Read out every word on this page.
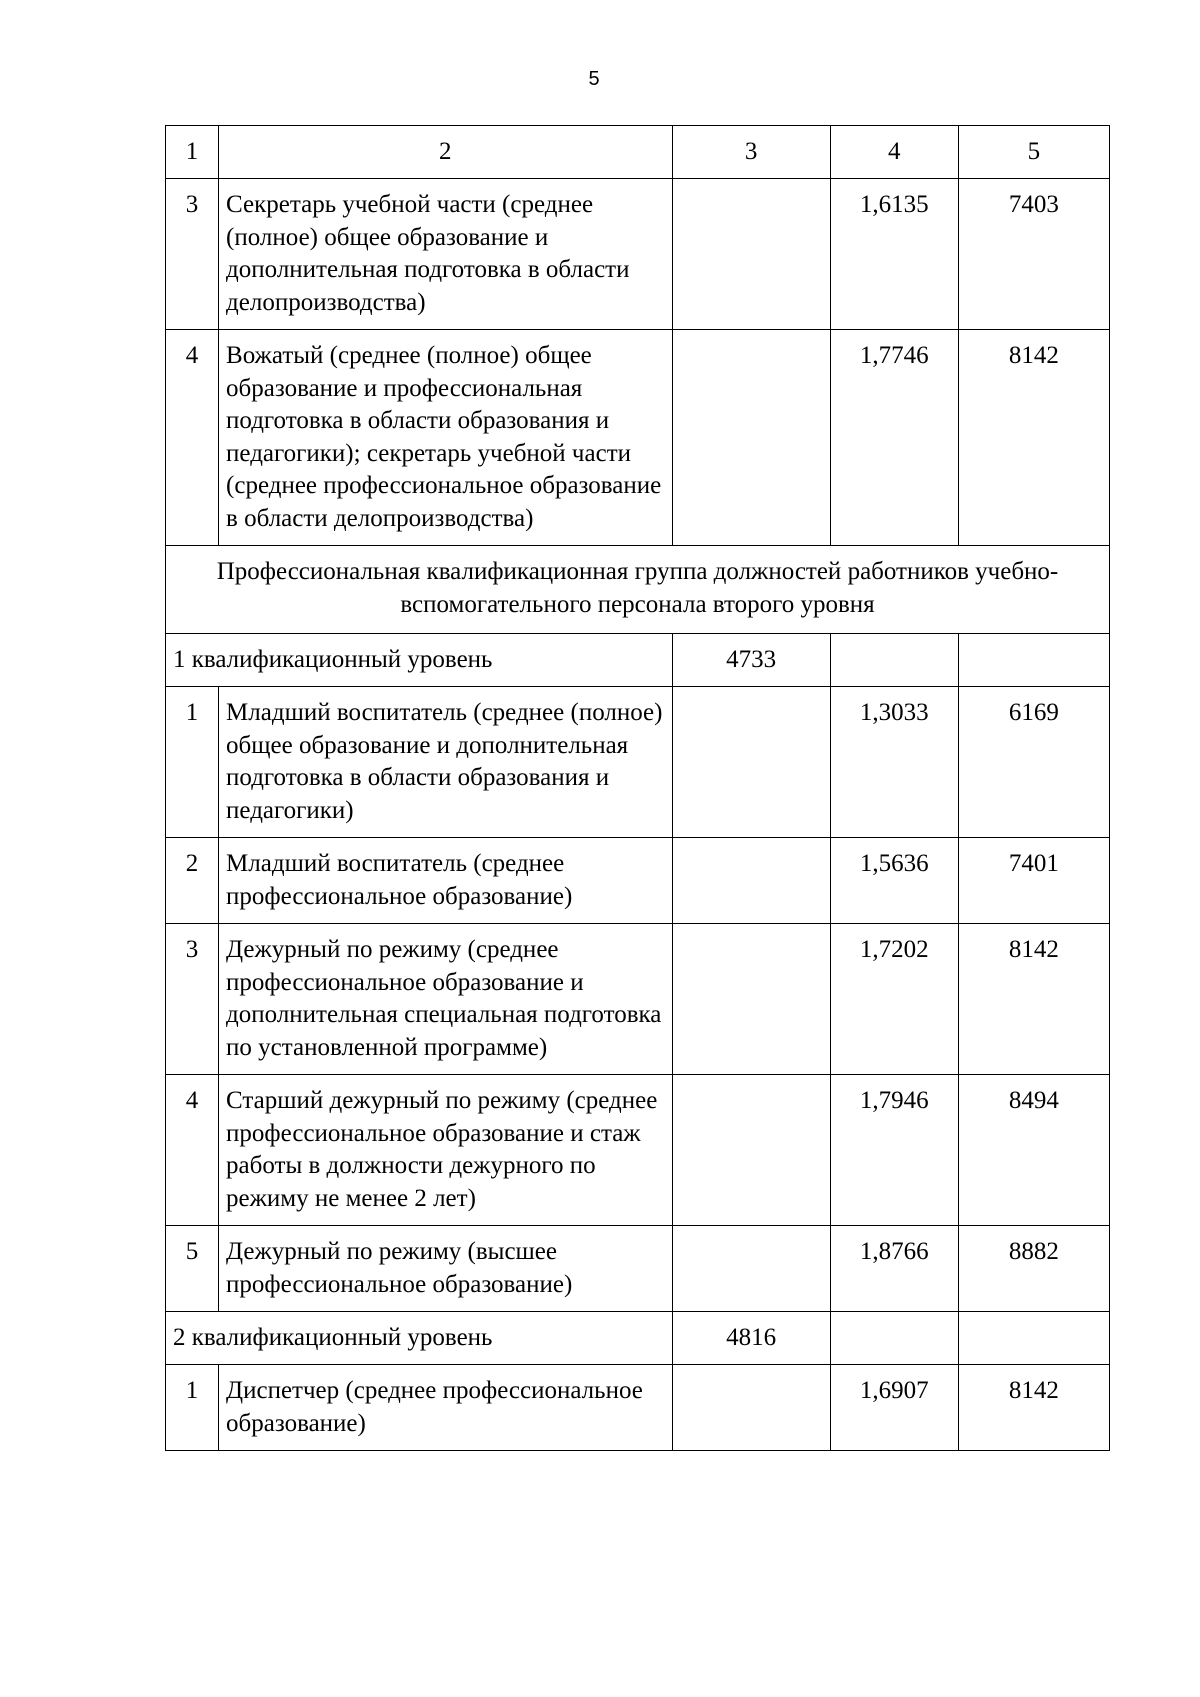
5
1	2	3	4	5
3	Секретарь учебной части (среднее (полное) общее образование и дополнительная подготовка в области делопроизводства)		1,6135	7403
4	Вожатый (среднее (полное) общее образование и профессиональная подготовка в области образования и педагогики); секретарь учебной части (среднее профессиональное образование в области делопроизводства)		1,7746	8142
Профессиональная квалификационная группа должностей работников учебно-вспомогательного персонала второго уровня				
1 квалификационный уровень		4733		
1	Младший воспитатель (среднее (полное) общее образование и дополнительная подготовка в области образования и педагогики)		1,3033	6169
2	Младший воспитатель (среднее профессиональное образование)		1,5636	7401
3	Дежурный по режиму (среднее профессиональное образование и дополнительная специальная подготовка по установленной программе)		1,7202	8142
4	Старший дежурный по режиму (среднее профессиональное образование и стаж работы в должности дежурного по режиму не менее 2 лет)		1,7946	8494
5	Дежурный по режиму (высшее профессиональное образование)		1,8766	8882
2 квалификационный уровень		4816		
1	Диспетчер (среднее профессиональное образование)		1,6907	8142
